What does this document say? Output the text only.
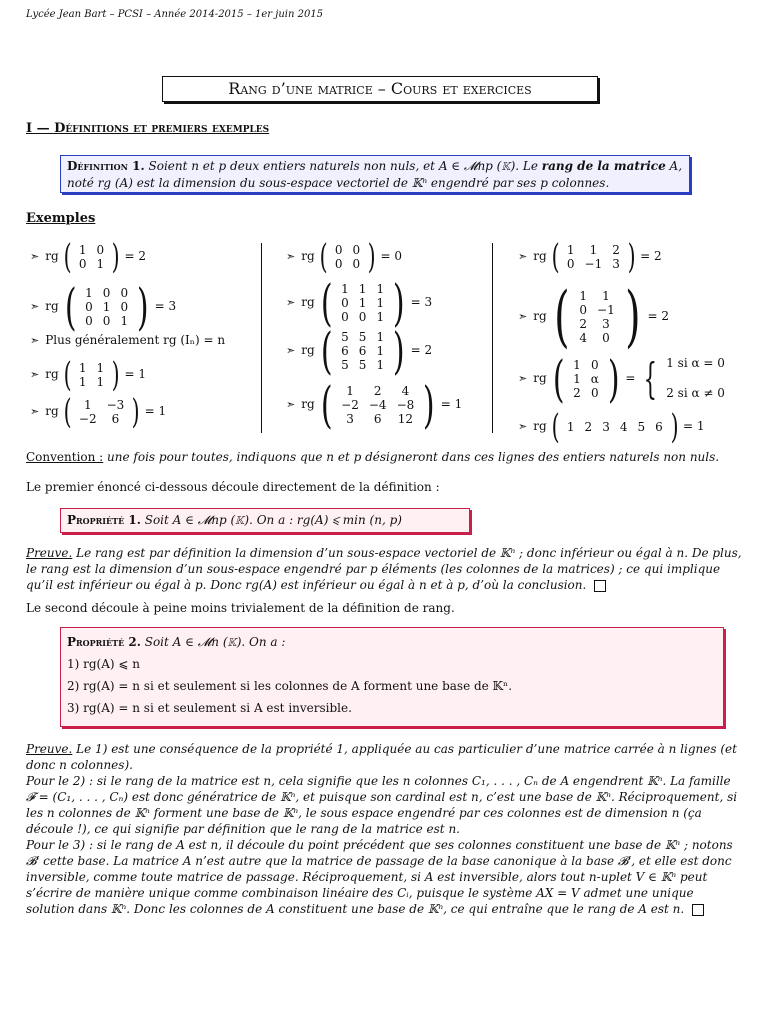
Lycée Jean Bart – PCSI – Année 2014-2015 – 1er juin 2015
Rang d’une matrice – Cours et exercices
I — Définitions et premiers exemples
Définition 1. Soient n et p deux entiers naturels non nuls, et A ∈ 𝓜np (𝕂). Le rang de la matrice A, noté rg (A) est la dimension du sous-espace vectoriel de 𝕂ⁿ engendré par ses p colonnes.
Exemples
➣ rg ( 1	0
0	1 ) = 2
➣ rg ( 1	0	0
0	1	0
0	0	1 ) = 3
➣ Plus généralement rg (Iₙ) = n
➣ rg ( 1	1
1	1 ) = 1
➣ rg ( 1	−3
−2	6 ) = 1
➣ rg ( 0	0
0	0 ) = 0
➣ rg ( 1	1	1
0	1	1
0	0	1 ) = 3
➣ rg ( 5	5	1
6	6	1
5	5	1 ) = 2
➣ rg ( 1	2	4
−2	−4	−8
3	6	12 ) = 1
➣ rg ( 1	1	2
0	−1	3 ) = 2
➣ rg ( 1	1
0	−1
2	3
4	0 ) = 2
➣ rg ( 1	0
1	α
2	0 ) = { 1 si α = 0
2 si α ≠ 0
➣ rg ( 1	2	3	4	5	6 ) = 1
Convention : une fois pour toutes, indiquons que n et p désigneront dans ces lignes des entiers naturels non nuls.
Le premier énoncé ci-dessous découle directement de la définition :
Propriété 1. Soit A ∈ 𝓜np (𝕂). On a : rg(A) ⩽ min (n, p)
Preuve. Le rang est par définition la dimension d’un sous-espace vectoriel de 𝕂ⁿ ; donc inférieur ou égal à n. De plus, le rang est la dimension d’un sous-espace engendré par p éléments (les colonnes de la matrices) ; ce qui implique qu’il est inférieur ou égal à p. Donc rg(A) est inférieur ou égal à n et à p, d’où la conclusion.
Le second découle à peine moins trivialement de la définition de rang.
Propriété 2. Soit A ∈ 𝓜n (𝕂). On a :
1) rg(A) ⩽ n
2) rg(A) = n si et seulement si les colonnes de A forment une base de 𝕂ⁿ.
3) rg(A) = n si et seulement si A est inversible.
Preuve. Le 1) est une conséquence de la propriété 1, appliquée au cas particulier d’une matrice carrée à n lignes (et donc n colonnes).
Pour le 2) : si le rang de la matrice est n, cela signifie que les n colonnes C₁, . . . , Cₙ de A engendrent 𝕂ⁿ. La famille 𝓕 = (C₁, . . . , Cₙ) est donc génératrice de 𝕂ⁿ, et puisque son cardinal est n, c’est une base de 𝕂ⁿ. Réciproquement, si les n colonnes de 𝕂ⁿ forment une base de 𝕂ⁿ, le sous espace engendré par ces colonnes est de dimension n (ça découle !), ce qui signifie par définition que le rang de la matrice est n.
Pour le 3) : si le rang de A est n, il découle du point précédent que ses colonnes constituent une base de 𝕂ⁿ ; notons 𝓑′ cette base. La matrice A n’est autre que la matrice de passage de la base canonique à la base 𝓑′, et elle est donc inversible, comme toute matrice de passage. Réciproquement, si A est inversible, alors tout n-uplet V ∈ 𝕂ⁿ peut s’écrire de manière unique comme combinaison linéaire des Cᵢ, puisque le système AX = V admet une unique solution dans 𝕂ⁿ. Donc les colonnes de A constituent une base de 𝕂ⁿ, ce qui entraîne que le rang de A est n.
